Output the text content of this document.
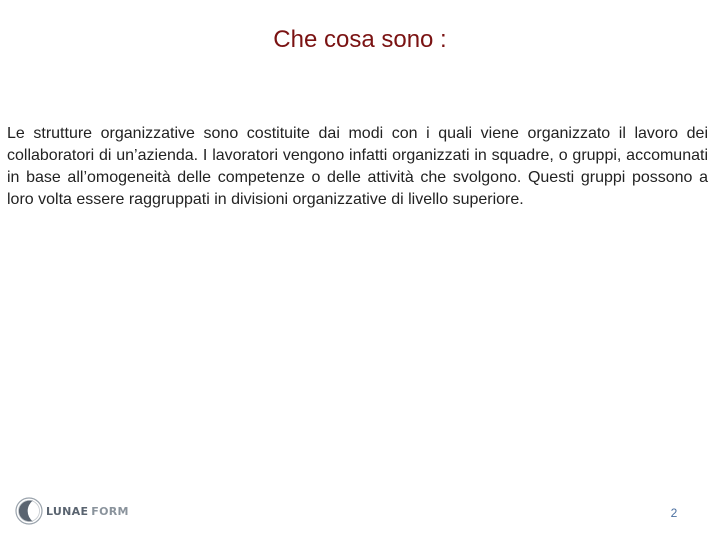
Che cosa sono :

Le strutture organizzative sono costituite dai modi con i quali viene organizzato il lavoro dei collaboratori di un’azienda. I lavoratori vengono infatti organizzati in squadre, o gruppi, accomunati in base all’omogeneità delle competenze o delle attività che svolgono. Questi gruppi possono a loro volta essere raggruppati in divisioni organizzative di livello superiore.

LUNAE FORM	2
